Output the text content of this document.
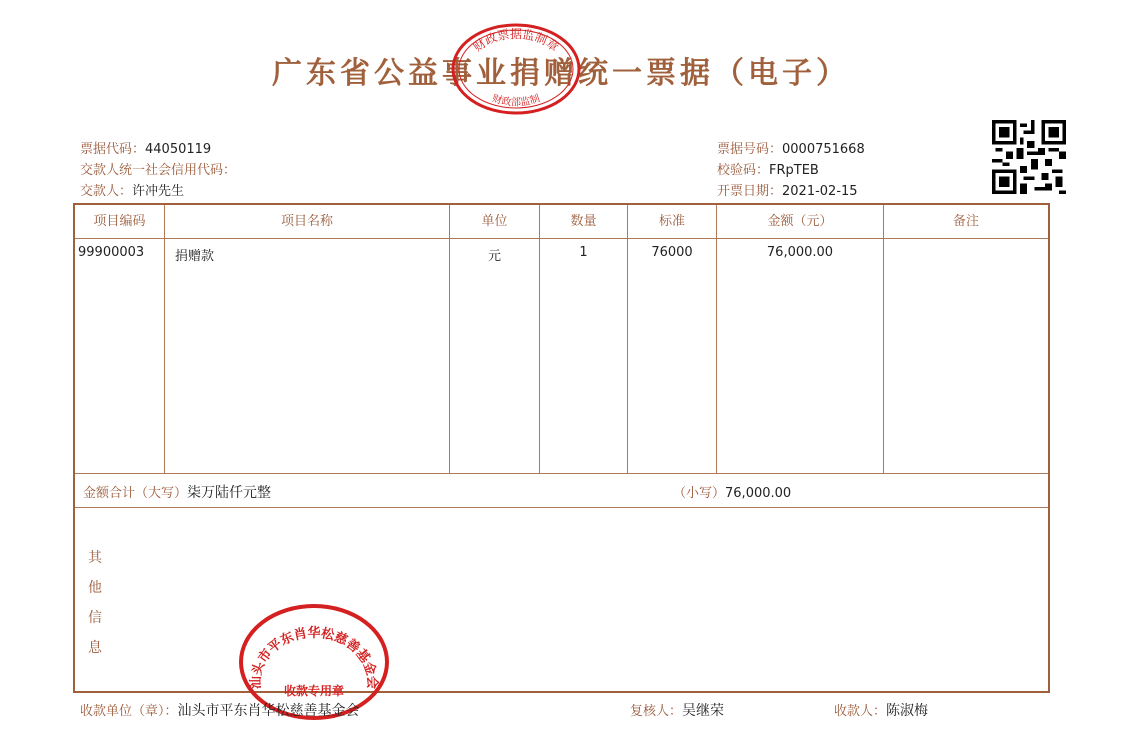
广东省公益事业捐赠统一票据（电子）
财政票据监制章
财政部监制
票据代码：44050119
交款人统一社会信用代码：
交款人：许冲先生
票据号码：0000751668
校验码：FRpTEB
开票日期：2021-02-15
项目编码	项目名称	单位	数量	标准	金额（元）	备注
99900003 捐赠款	元	1	76000	76,000.00
金额合计（大写）柒万陆仟元整	（小写）76,000.00
其
他
信
息
汕头市平东肖华松慈善基金会
收款专用章
收款单位（章）：汕头市平东肖华松慈善基金会	复核人：吴继荣	收款人：陈淑梅
